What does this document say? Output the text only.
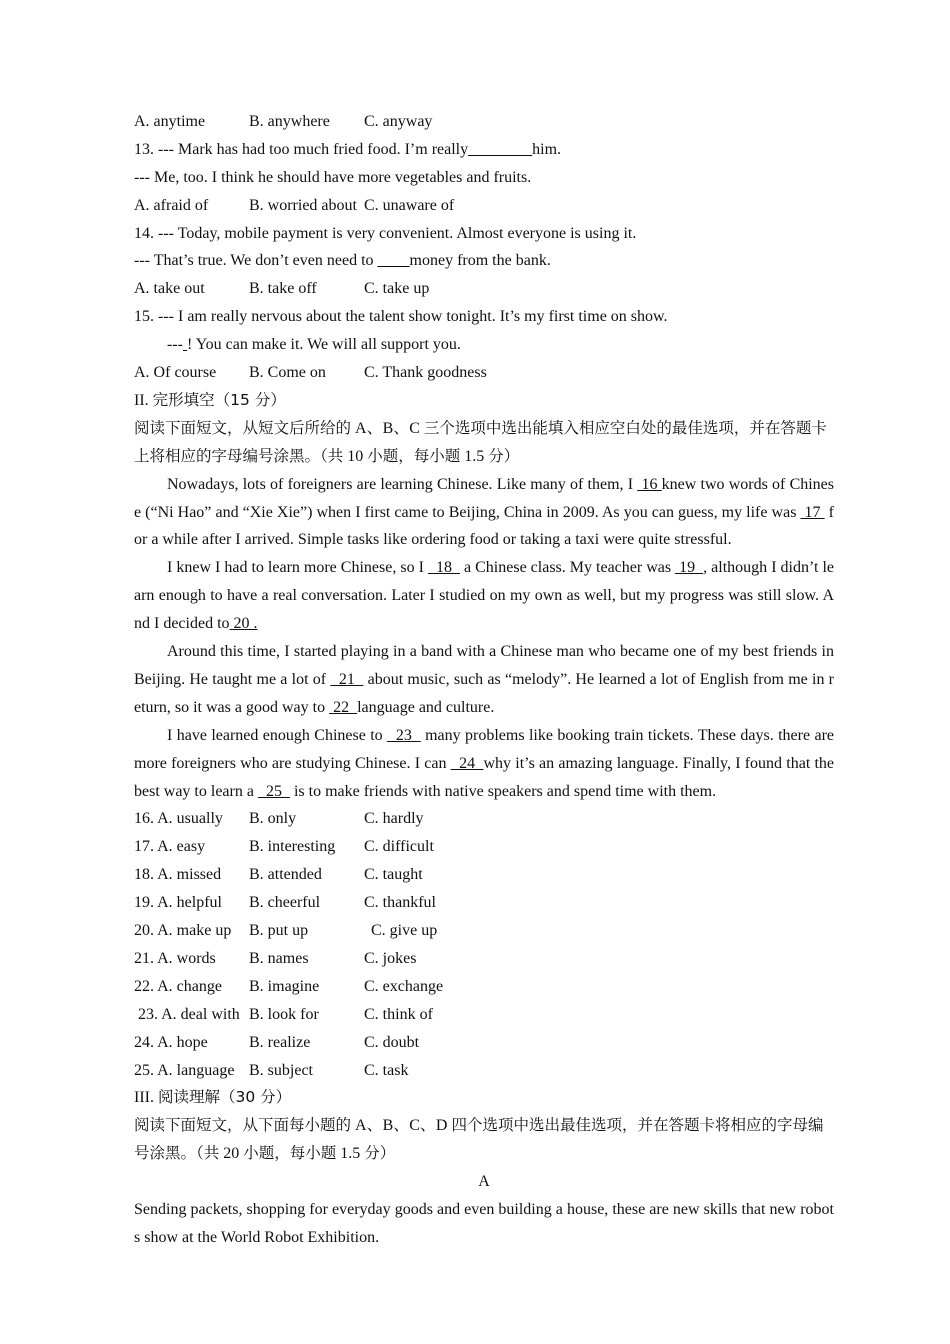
A. anytime	B. anywhere C. anyway
13. --- Mark has had too much fried food. I’m really________him.
--- Me, too. I think he should have more vegetables and fruits.
A. afraid of	B. worried about C. unaware of
14. --- Today, mobile payment is very convenient. Almost everyone is using it.
--- That’s true. We don’t even need to ____money from the bank.
A. take out	B. take off	C. take up
15. --- I am really nervous about the talent show tonight. It’s my first time on show.
--- ! You can make it. We will all support you.
A. Of course B. Come on C. Thank goodness
II. 完形填空（15 分）
阅读下面短文，从短文后所给的 A、B、C 三个选项中选出能填入相应空白处的最佳选项，并在答题卡上将相应的字母编号涂黑。（共 10 小题，每小题 1.5 分）

Nowadays, lots of foreigners are learning Chinese. Like many of them, I  16 knew two words of Chinese (“Ni Hao” and “Xie Xie”) when I first came to Beijing, China in 2009. As you can guess, my life was  17  for a while after I arrived. Simple tasks like ordering food or taking a taxi were quite stressful.

I knew I had to learn more Chinese, so I   18   a Chinese class. My teacher was  19  , although I didn’t learn enough to have a real conversation. Later I studied on my own as well, but my progress was still slow. And I decided to 20 .

Around this time, I started playing in a band with a Chinese man who became one of my best friends in Beijing. He taught me a lot of   21   about music, such as “melody”. He learned a lot of English from me in return, so it was a good way to  22  language and culture.

I have learned enough Chinese to   23   many problems like booking train tickets. These days. there are more foreigners who are studying Chinese. I can   24  why it’s an amazing language. Finally, I found that the best way to learn a   25   is to make friends with native speakers and spend time with them.

16. A. usually B. only	C. hardly
17. A. easy	B. interesting C. difficult
18. A. missed B. attended	C. taught
19. A. helpful B. cheerful	C. thankful
20. A. make up B. put up	C. give up
21. A. words B. names	C. jokes
22. A. change B. imagine	C. exchange
23. A. deal with B. look for	C. think of
24. A. hope	B. realize	C. doubt
25. A. language B. subject	C. task
III. 阅读理解（30 分）
阅读下面短文，从下面每小题的 A、B、C、D 四个选项中选出最佳选项，并在答题卡将相应的字母编号涂黑。（共 20 小题，每小题 1.5 分）
A
Sending packets, shopping for everyday goods and even building a house, these are new skills that new robots show at the World Robot Exhibition.
